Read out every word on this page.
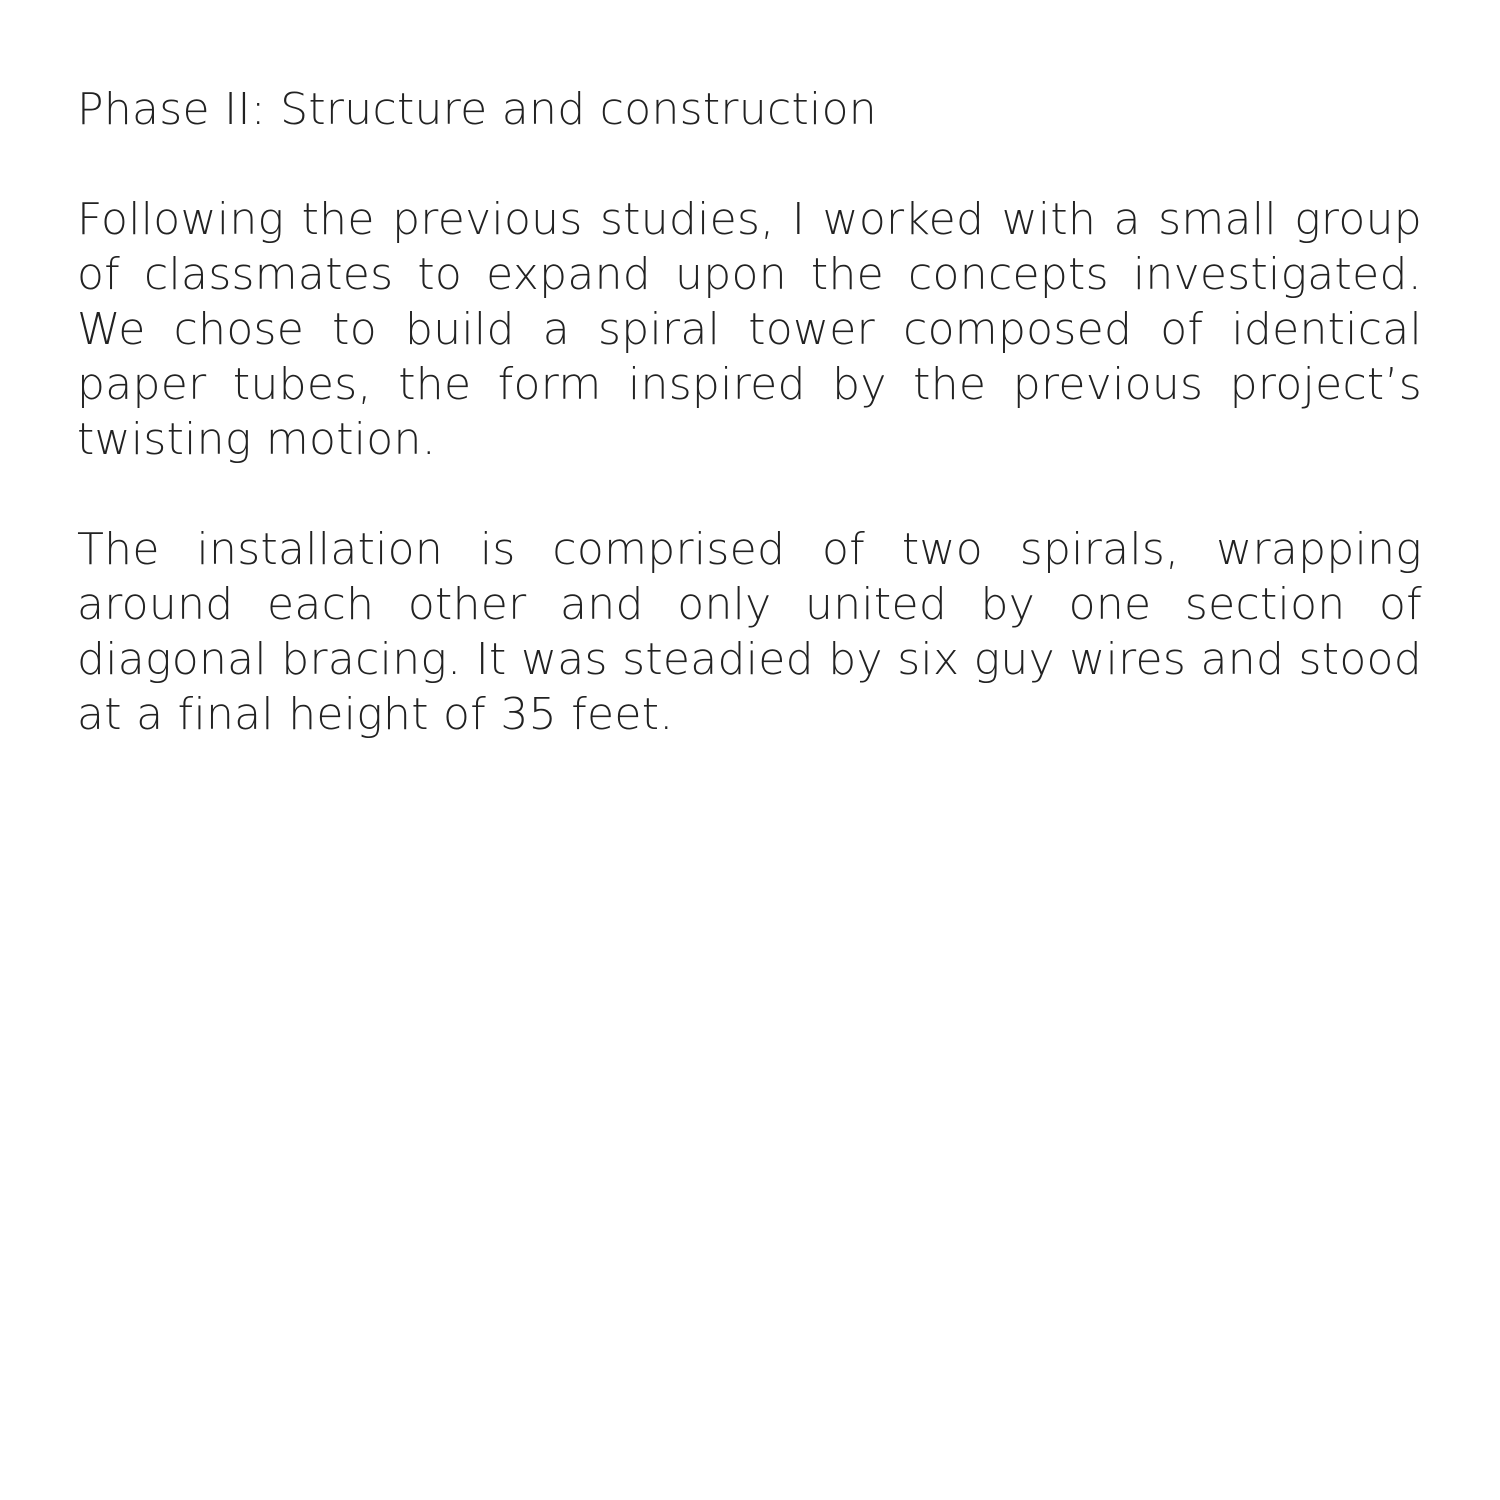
Phase II: Structure and construction

Following the previous studies, I worked with a small group of classmates to expand upon the concepts investigated. We chose to build a spiral tower composed of identical paper tubes, the form inspired by the previous project’s twisting motion.

The installation is comprised of two spirals, wrapping around each other and only united by one section of diagonal bracing. It was steadied by six guy wires and stood at a final height of 35 feet.
